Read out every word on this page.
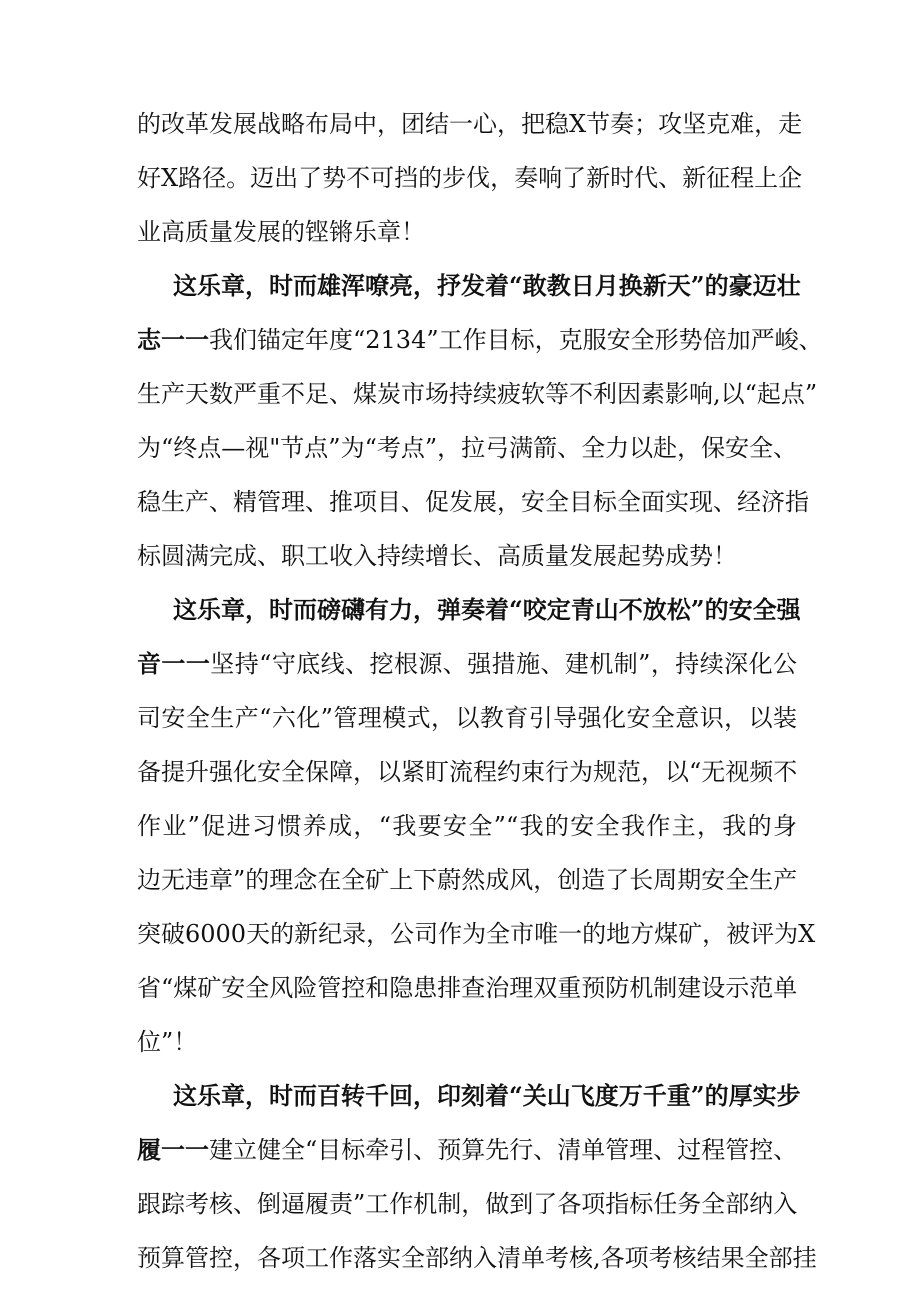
的改革发展战略布局中，团结一心，把稳X节奏；攻坚克难，走
好X路径。迈出了势不可挡的步伐，奏响了新时代、新征程上企
业高质量发展的铿锵乐章！
这乐章，时而雄浑嘹亮，抒发着“敢教日月换新天”的豪迈壮
志一一我们锚定年度“2134”工作目标，克服安全形势倍加严峻、
生产天数严重不足、煤炭市场持续疲软等不利因素影响,以“起点”
为“终点—视"节点”为“考点”，拉弓满箭、全力以赴，保安全、
稳生产、精管理、推项目、促发展，安全目标全面实现、经济指
标圆满完成、职工收入持续增长、高质量发展起势成势！
这乐章，时而磅礴有力，弹奏着“咬定青山不放松”的安全强
音一一坚持“守底线、挖根源、强措施、建机制”，持续深化公
司安全生产“六化”管理模式，以教育引导强化安全意识，以装
备提升强化安全保障，以紧盯流程约束行为规范，以“无视频不
作业”促进习惯养成，“我要安全”“我的安全我作主，我的身
边无违章”的理念在全矿上下蔚然成风，创造了长周期安全生产
突破6000天的新纪录，公司作为全市唯一的地方煤矿，被评为X
省“煤矿安全风险管控和隐患排查治理双重预防机制建设示范单
位”！
这乐章，时而百转千回，印刻着“关山飞度万千重”的厚实步
履一一建立健全“目标牵引、预算先行、清单管理、过程管控、
跟踪考核、倒逼履责”工作机制，做到了各项指标任务全部纳入
预算管控，各项工作落实全部纳入清单考核,各项考核结果全部挂
